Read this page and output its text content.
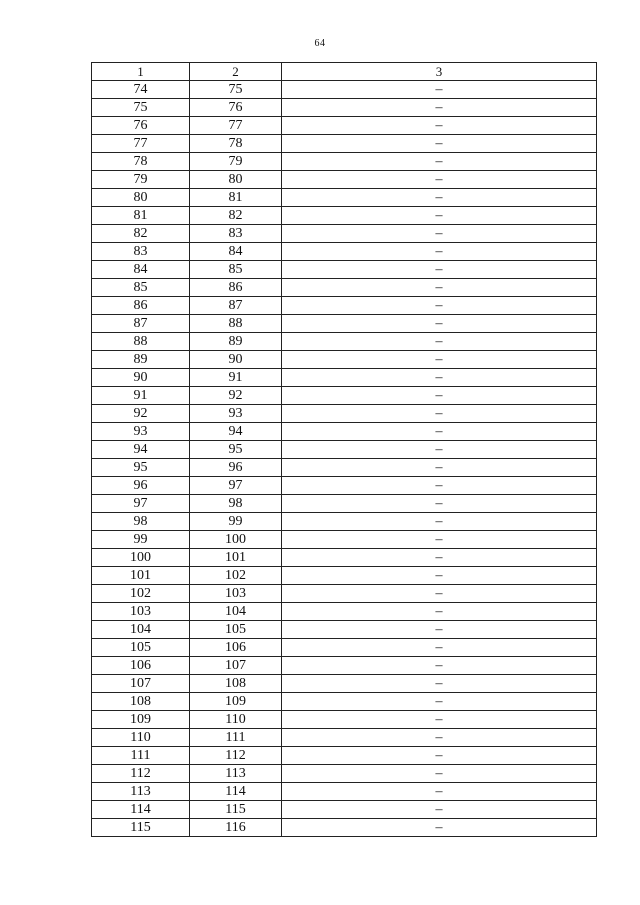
64
1	2	3
74	75	–
75	76	–
76	77	–
77	78	–
78	79	–
79	80	–
80	81	–
81	82	–
82	83	–
83	84	–
84	85	–
85	86	–
86	87	–
87	88	–
88	89	–
89	90	–
90	91	–
91	92	–
92	93	–
93	94	–
94	95	–
95	96	–
96	97	–
97	98	–
98	99	–
99	100	–
100	101	–
101	102	–
102	103	–
103	104	–
104	105	–
105	106	–
106	107	–
107	108	–
108	109	–
109	110	–
110	111	–
111	112	–
112	113	–
113	114	–
114	115	–
115	116	–
